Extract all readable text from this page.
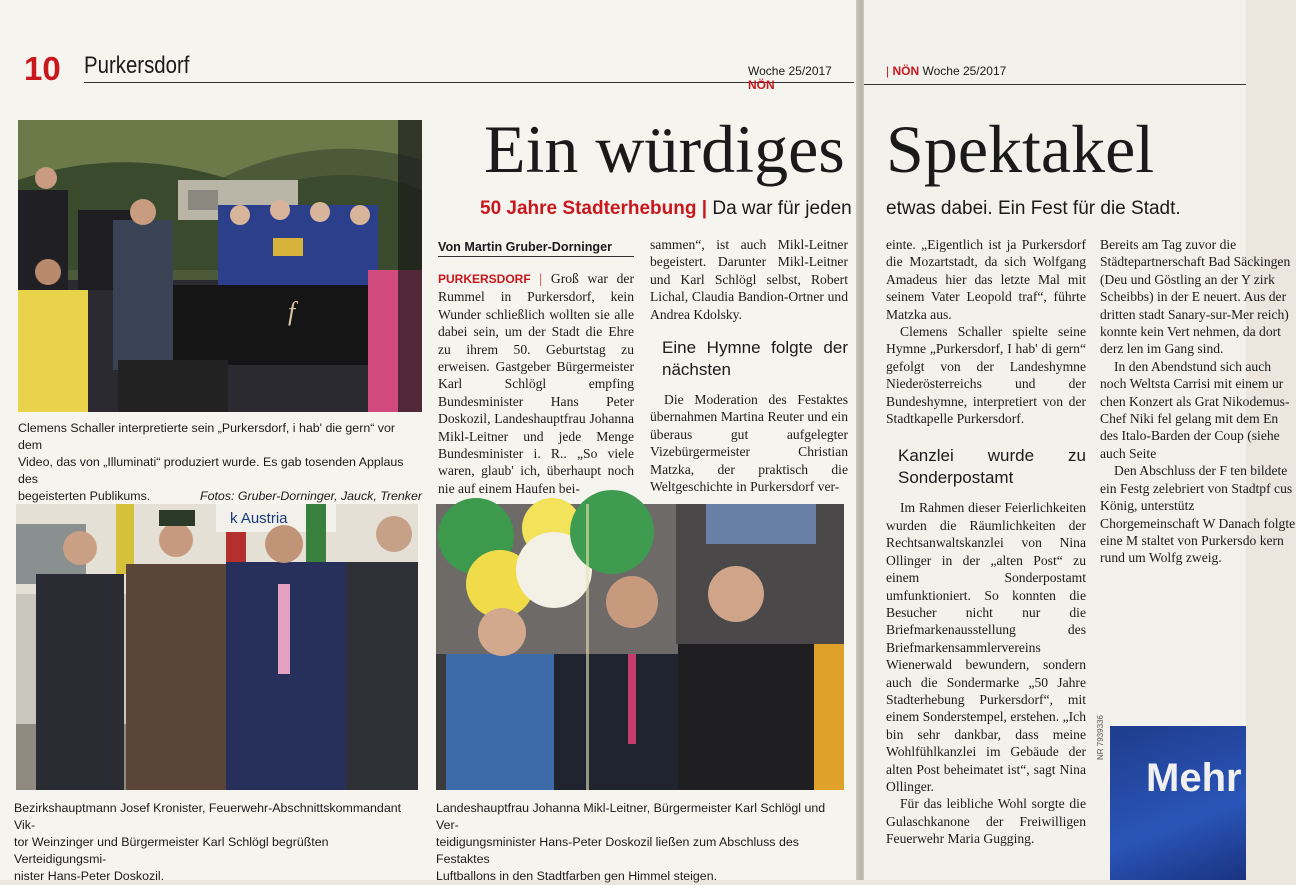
10 Purkersdorf	Woche 25/2017 NÖN
f
Clemens Schaller interpretierte sein „Purkersdorf, i hab' die gern“ vor dem
Video, das von „Illuminati“ produziert wurde. Es gab tosenden Applaus des
begeisterten Publikums.	Fotos: Gruber-Dorninger, Jauck, Trenker
Ein würdiges
50 Jahre Stadterhebung | Da war für jeden
Von Martin Gruber-Dorninger

PURKERSDORF | Groß war der Rummel in Purkersdorf, kein Wunder schließlich wollten sie alle dabei sein, um der Stadt die Ehre zu ihrem 50. Geburtstag zu erweisen. Gastgeber Bürgermeister Karl Schlögl empfing Bundesminister Hans Peter Doskozil, Landeshauptfrau Johanna Mikl-Leitner und jede Menge Bundesminister i. R.. „So viele waren, glaub' ich, überhaupt noch nie auf einem Haufen bei-

sammen“, ist auch Mikl-Leitner begeistert. Darunter Mikl-Leitner und Karl Schlögl selbst, Robert Lichal, Claudia Bandion-Ortner und Andrea Kdolsky.

Eine Hymne folgte der nächsten

Die Moderation des Festaktes übernahmen Martina Reuter und ein überaus gut aufgelegter Vizebürgermeister Christian Matzka, der praktisch die Weltgeschichte in Purkersdorf ver-

k Austria
Bezirkshauptmann Josef Kronister, Feuerwehr-Abschnittskommandant Vik-
tor Weinzinger und Bürgermeister Karl Schlögl begrüßten Verteidigungsmi-
nister Hans-Peter Doskozil.
Landeshauptfrau Johanna Mikl-Leitner, Bürgermeister Karl Schlögl und Ver-
teidigungsminister Hans-Peter Doskozil ließen zum Abschluss des Festaktes
Luftballons in den Stadtfarben gen Himmel steigen.
| NÖN Woche 25/2017
Spektakel
etwas dabei. Ein Fest für die Stadt.

einte. „Eigentlich ist ja Purkersdorf die Mozartstadt, da sich Wolfgang Amadeus hier das letzte Mal mit seinem Vater Leopold traf“, führte Matzka aus.

Clemens Schaller spielte seine Hymne „Purkersdorf, I hab' di gern“ gefolgt von der Landeshymne Niederösterreichs und der Bundeshymne, interpretiert von der Stadtkapelle Purkersdorf.

Kanzlei wurde zu Sonderpostamt

Im Rahmen dieser Feierlichkeiten wurden die Räumlichkeiten der Rechtsanwaltskanzlei von Nina Ollinger in der „alten Post“ zu einem Sonderpostamt umfunktioniert. So konnten die Besucher nicht nur die Briefmarkenausstellung des Briefmarkensammlervereins Wienerwald bewundern, sondern auch die Sondermarke „50 Jahre Stadterhebung Purkersdorf“, mit einem Sonderstempel, erstehen. „Ich bin sehr dankbar, dass meine Wohlfühlkanzlei im Gebäude der alten Post beheimatet ist“, sagt Nina Ollinger.

Für das leibliche Wohl sorgte die Gulaschkanone der Freiwilligen Feuerwehr Maria Gugging.

Bereits am Tag zuvor die Städtepartnerschaft Bad Säckingen (Deu und Göstling an der Y zirk Scheibbs) in der E neuert. Aus der dritten stadt Sanary-sur-Mer reich) konnte kein Vert nehmen, da dort derz len im Gang sind.

In den Abendstund sich auch noch Weltsta Carrisi mit einem ur chen Konzert als Grat Nikodemus-Chef Niki fel gelang mit dem En des Italo-Barden der Coup (siehe auch Seite

Den Abschluss der F ten bildete ein Festg zelebriert von Stadtpf cus König, unterstütz Chorgemeinschaft W Danach folgte eine M staltet von Purkersdo kern rund um Wolfg zweig.

Mehr
NR 7939336
